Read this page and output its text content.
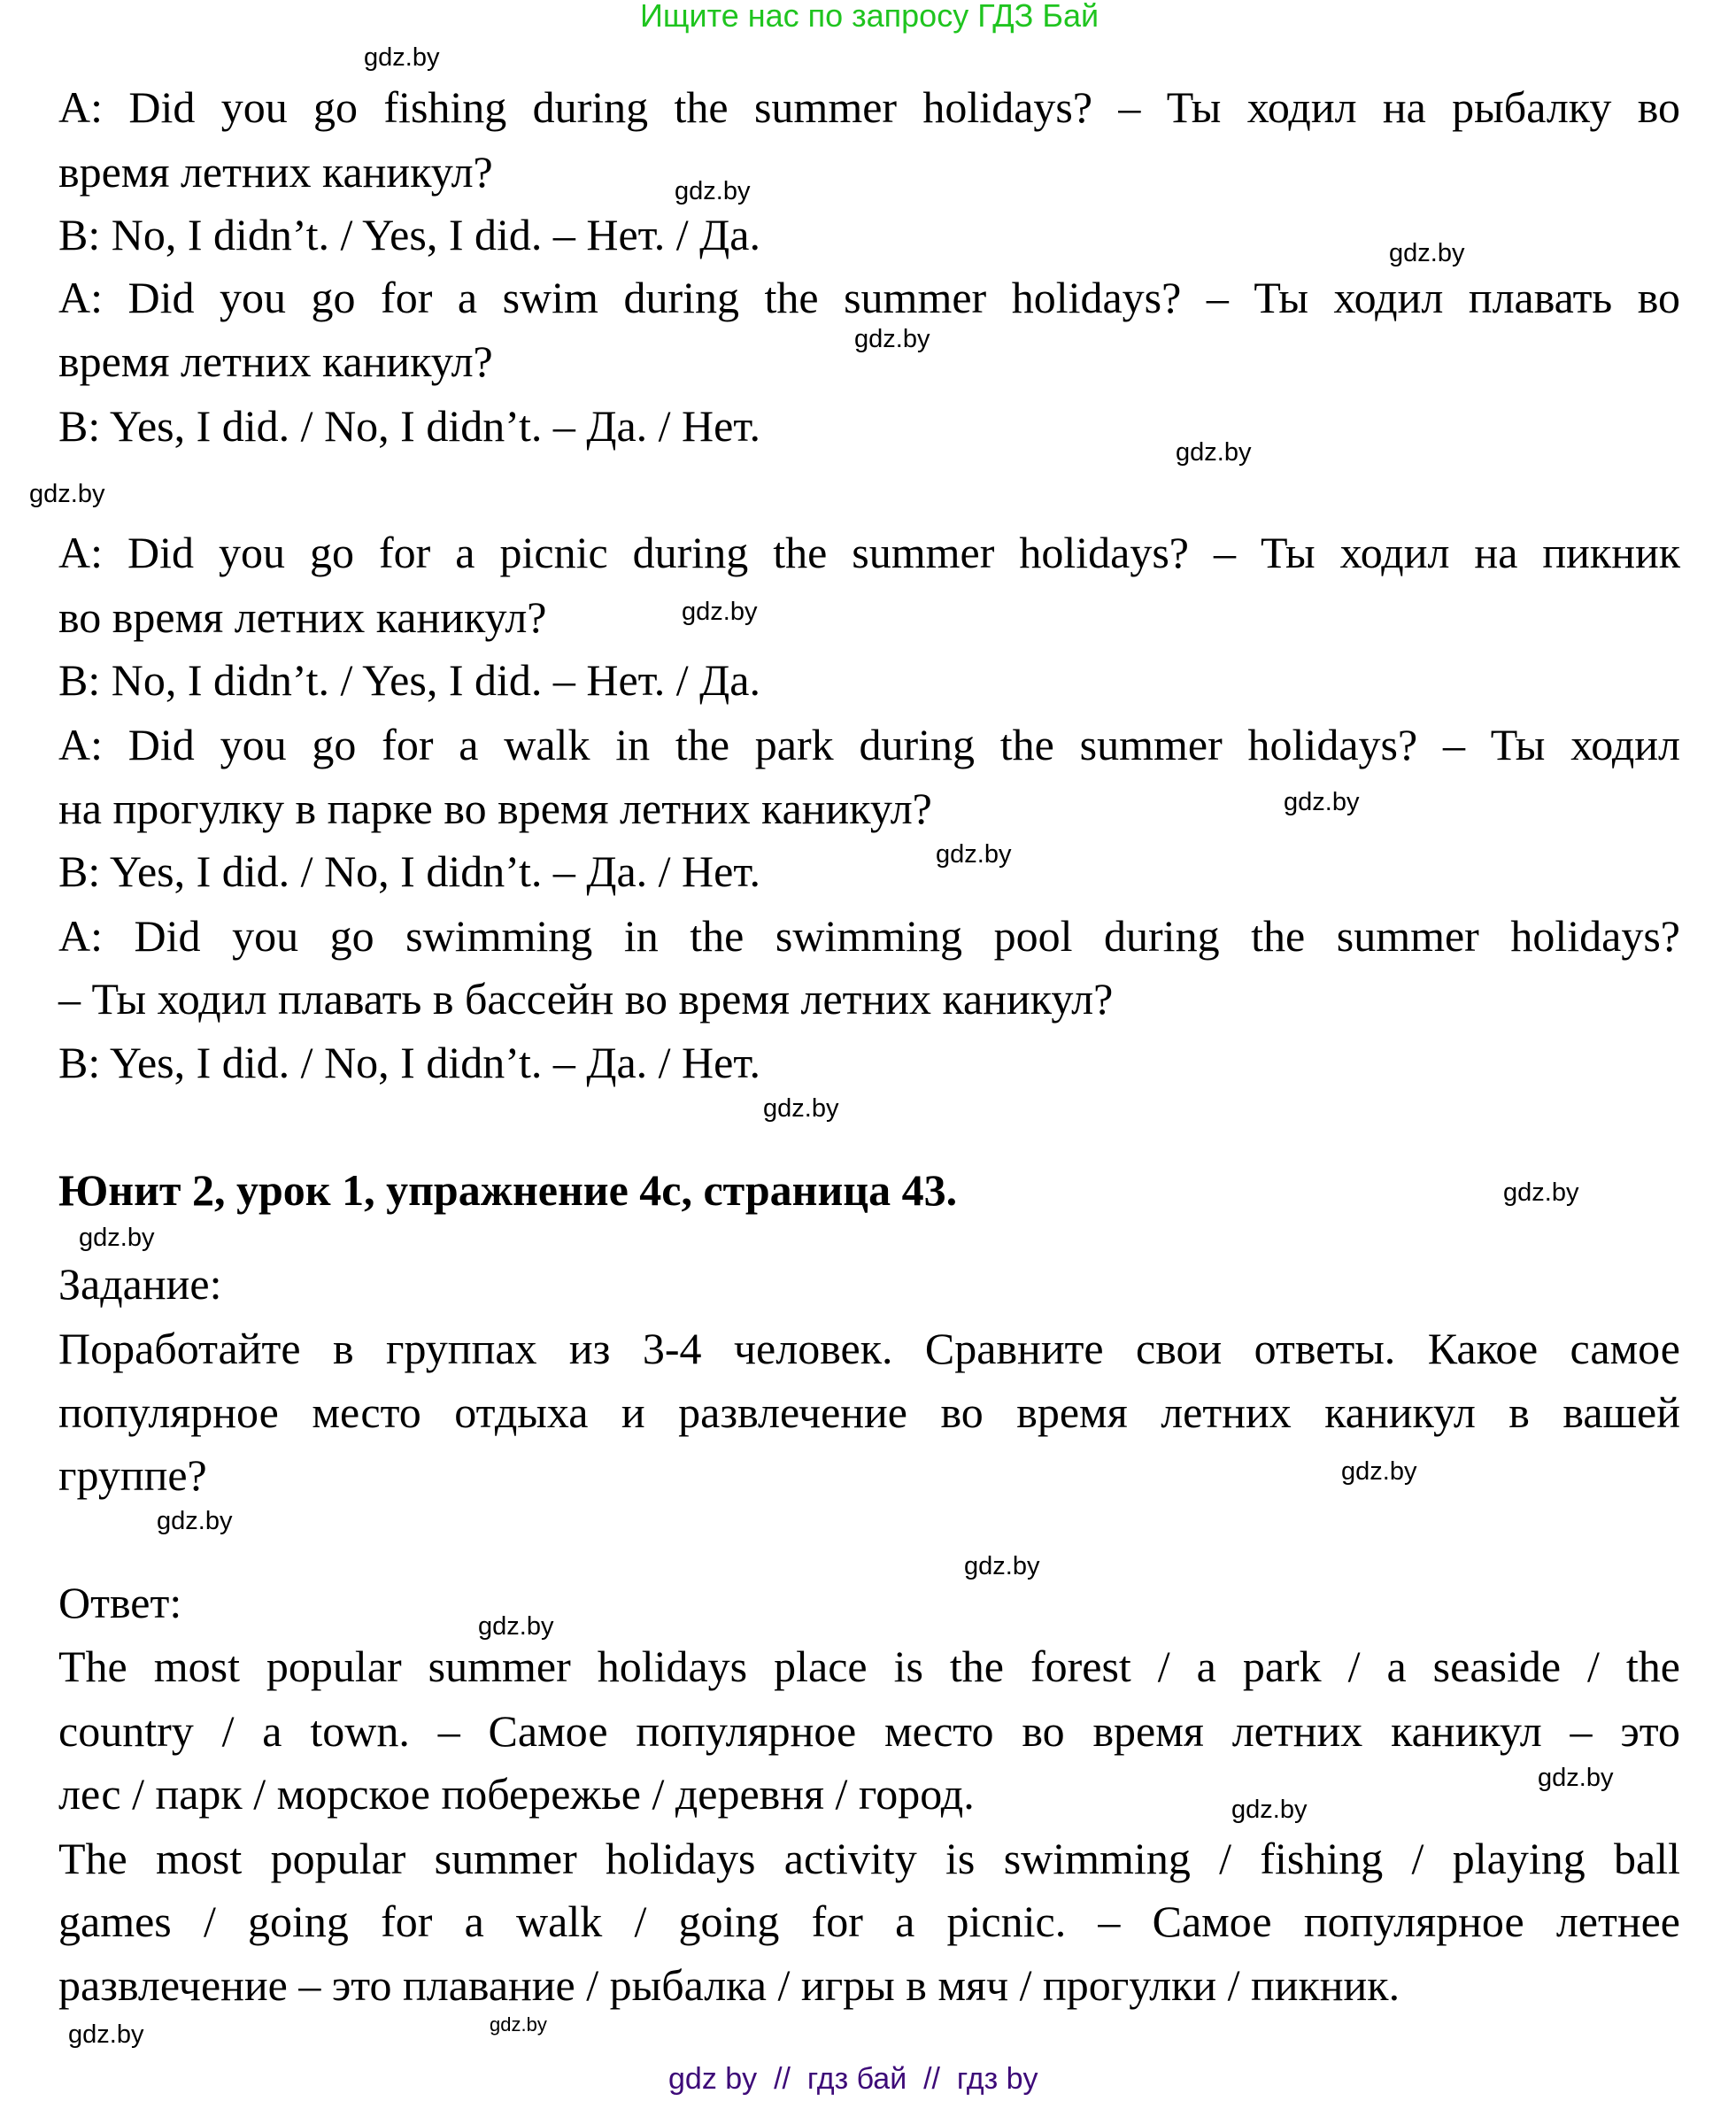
Ищите нас по запросу ГДЗ Бай
A: Did you go fishing during the summer holidays? – Ты ходил на рыбалку во
время летних каникул?
B: No, I didn’t. / Yes, I did. – Нет. / Да.
A: Did you go for a swim during the summer holidays? – Ты ходил плавать во
время летних каникул?
B: Yes, I did. / No, I didn’t. – Да. / Нет.
A: Did you go for a picnic during the summer holidays? – Ты ходил на пикник
во время летних каникул?
B: No, I didn’t. / Yes, I did. – Нет. / Да.
A: Did you go for a walk in the park during the summer holidays? – Ты ходил
на прогулку в парке во время летних каникул?
B: Yes, I did. / No, I didn’t. – Да. / Нет.
A: Did you go swimming in the swimming pool during the summer holidays?
– Ты ходил плавать в бассейн во время летних каникул?
B: Yes, I did. / No, I didn’t. – Да. / Нет.
Юнит 2, урок 1, упражнение 4с, страница 43.
Задание:
Поработайте в группах из 3-4 человек. Сравните свои ответы. Какое самое
популярное место отдыха и развлечение во время летних каникул в вашей
группе?
Ответ:
The most popular summer holidays place is the forest / a park / a seaside / the
country / a town. – Самое популярное место во время летних каникул – это
лес / парк / морское побережье / деревня / город.
The most popular summer holidays activity is swimming / fishing / playing ball
games / going for a walk / going for a picnic. – Самое популярное летнее
развлечение – это плавание / рыбалка / игры в мяч / прогулки / пикник.
gdz.by
gdz.by
gdz.by
gdz.by
gdz.by
gdz.by
gdz.by
gdz.by
gdz.by
gdz.by
gdz.by
gdz.by
gdz.by
gdz.by
gdz.by
gdz.by
gdz.by
gdz.by
gdz.by
gdz.by
gdz by  //  гдз бай  //  гдз by
